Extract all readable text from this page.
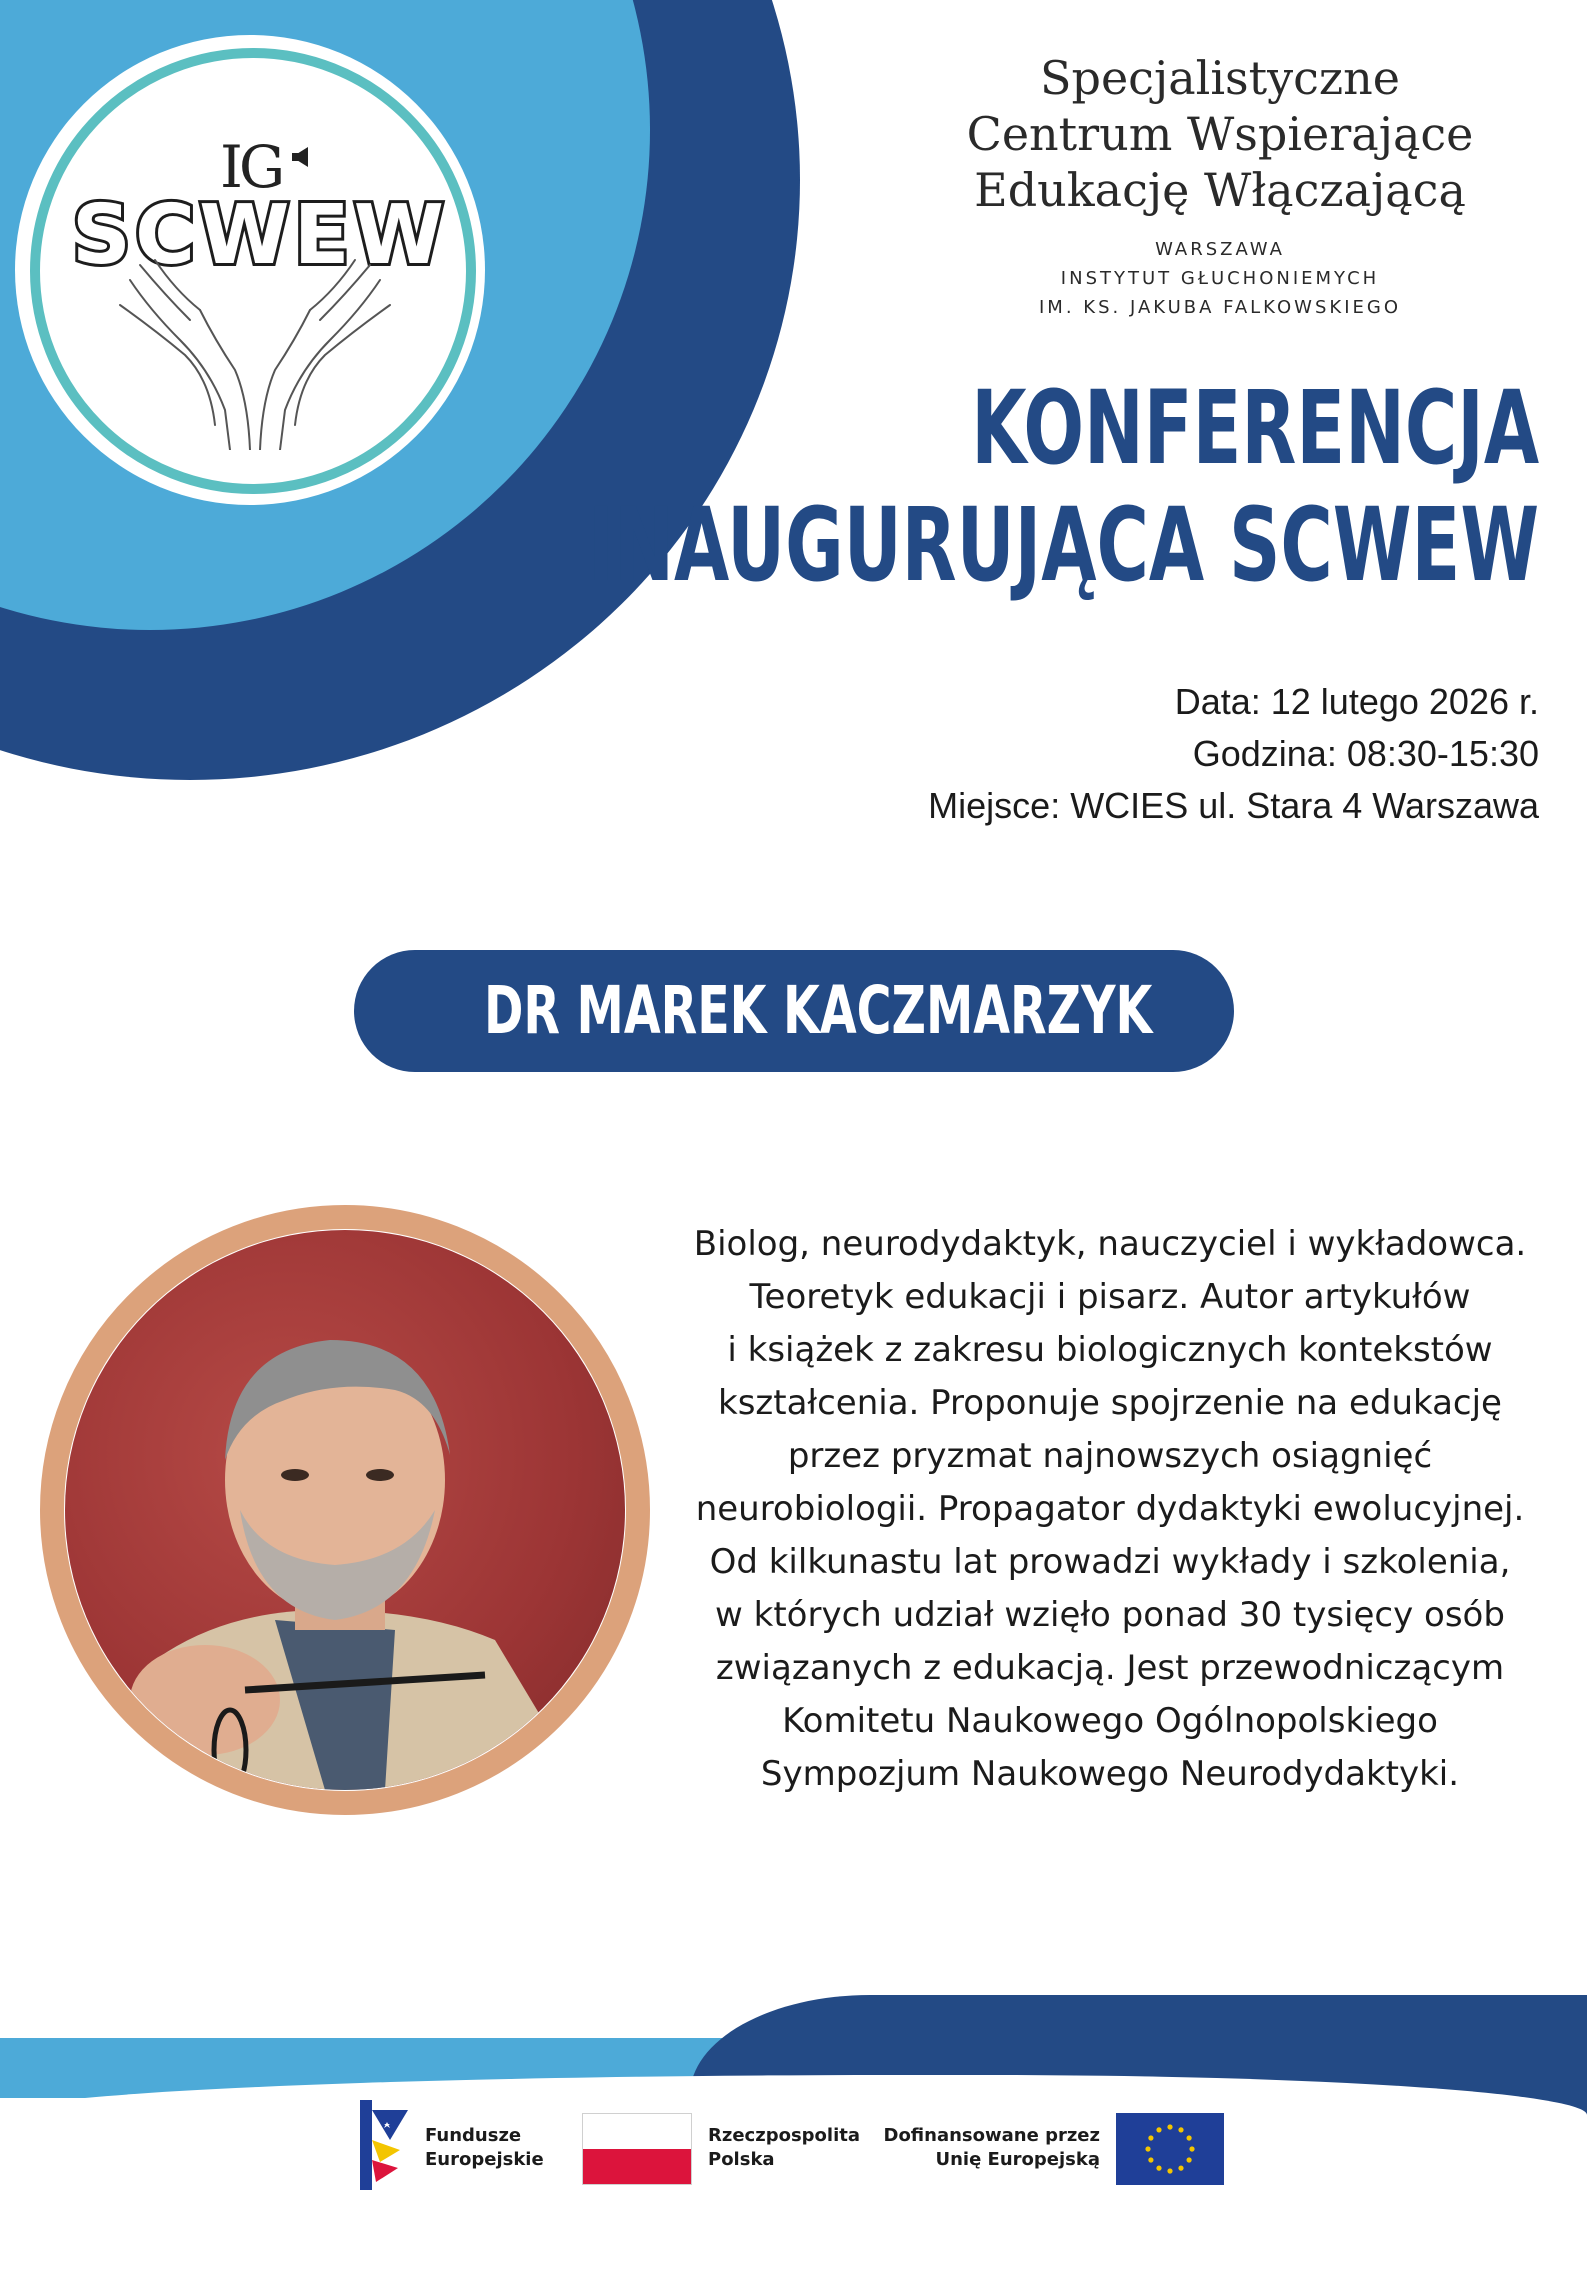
IG
SCWEW
Specjalistyczne
Centrum Wspierające
Edukację Włączającą
WARSZAWA
INSTYTUT GŁUCHONIEMYCH
IM. KS. JAKUBA FALKOWSKIEGO
KONFERENCJA
INAUGURUJĄCA SCWEW
Data: 12 lutego 2026 r.
Godzina: 08:30-15:30
Miejsce: WCIES ul. Stara 4 Warszawa
DR MAREK KACZMARZYK
Biolog, neurodydaktyk, nauczyciel i wykładowca.
Teoretyk edukacji i pisarz. Autor artykułów
i książek z zakresu biologicznych kontekstów
kształcenia. Proponuje spojrzenie na edukację
przez pryzmat najnowszych osiągnięć
neurobiologii. Propagator dydaktyki ewolucyjnej.
Od kilkunastu lat prowadzi wykłady i szkolenia,
w których udział wzięło ponad 30 tysięcy osób
związanych z edukacją. Jest przewodniczącym
Komitetu Naukowego Ogólnopolskiego
Sympozjum Naukowego Neurodydaktyki.
Fundusze
Europejskie
Rzeczpospolita
Polska
Dofinansowane przez
Unię Europejską
